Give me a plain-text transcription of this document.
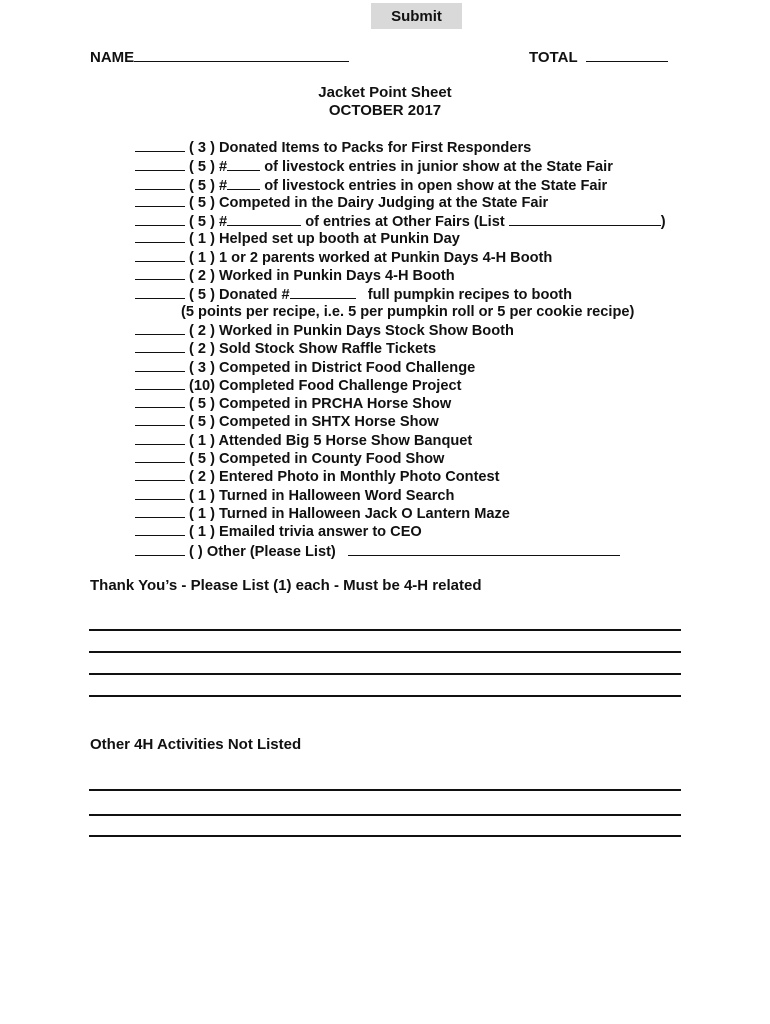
Submit
NAME	TOTAL
Jacket Point Sheet
OCTOBER 2017
( 3 ) Donated Items to Packs for First Responders
( 5 ) #	of livestock entries in junior show at the State Fair
( 5 ) #	of livestock entries in open show at the State Fair
( 5 ) Competed in the Dairy Judging at the State Fair
( 5 ) #	of entries at Other Fairs (List	)
( 1 ) Helped set up booth at Punkin Day
( 1 ) 1 or 2 parents worked at Punkin Days 4-H Booth
( 2 ) Worked in Punkin Days 4-H Booth
( 5 ) Donated #	full pumpkin recipes to booth
(5 points per recipe, i.e. 5 per pumpkin roll or 5 per cookie recipe)
( 2 ) Worked in Punkin Days Stock Show Booth
( 2 ) Sold Stock Show Raffle Tickets
( 3 ) Competed in District Food Challenge
(10) Completed Food Challenge Project
( 5 ) Competed in PRCHA Horse Show
( 5 ) Competed in SHTX Horse Show
( 1 ) Attended Big 5 Horse Show Banquet
( 5 ) Competed in County Food Show
( 2 ) Entered Photo in Monthly Photo Contest
( 1 ) Turned in Halloween Word Search
( 1 ) Turned in Halloween Jack O Lantern Maze
( 1 ) Emailed trivia answer to CEO
( ) Other (Please List)
Thank You’s - Please List (1) each - Must be 4-H related
Other 4H Activities Not Listed
